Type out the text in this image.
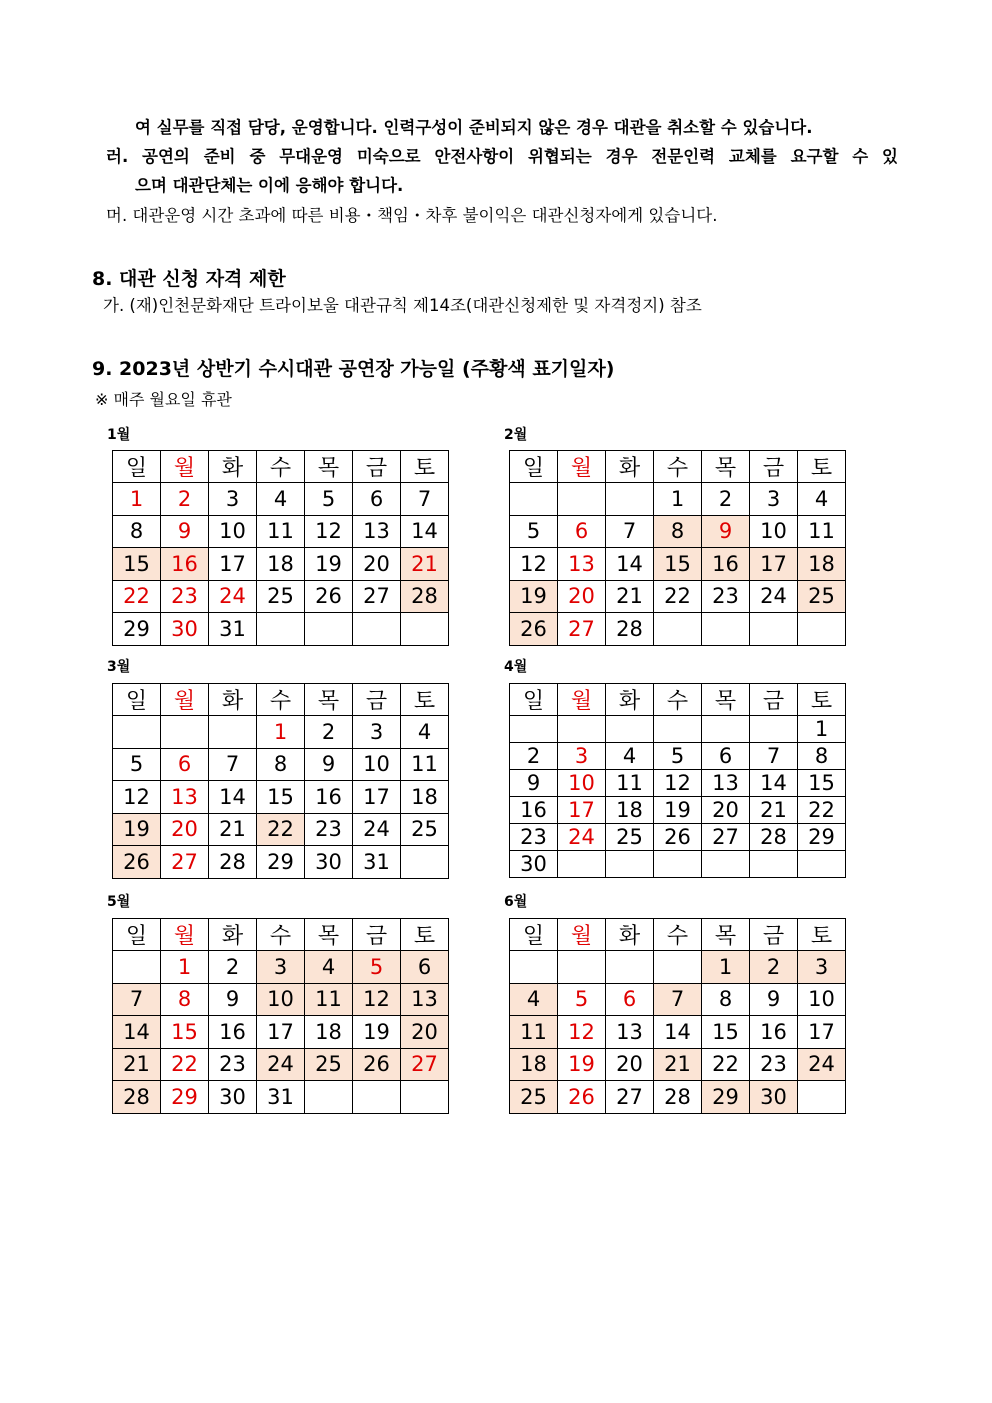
여 실무를 직접 담당, 운영합니다. 인력구성이 준비되지 않은 경우 대관을 취소할 수 있습니다.
러. 공연의 준비 중 무대운영 미숙으로 안전사항이 위협되는 경우 전문인력 교체를 요구할 수 있
으며 대관단체는 이에 응해야 합니다.
머. 대관운영 시간 초과에 따른 비용・책임・차후 불이익은 대관신청자에게 있습니다.
8. 대관 신청 자격 제한
가. (재)인천문화재단 트라이보울 대관규칙 제14조(대관신청제한 및 자격정지) 참조
9. 2023년 상반기 수시대관 공연장 가능일 (주황색 표기일자)
※ 매주 월요일 휴관
1월
일	월	화	수	목	금	토
1	2	3	4	5	6	7
8	9	10	11	12	13	14
15	16	17	18	19	20	21
22	23	24	25	26	27	28
29	30	31				
2월
일	월	화	수	목	금	토
			1	2	3	4
5	6	7	8	9	10	11
12	13	14	15	16	17	18
19	20	21	22	23	24	25
26	27	28				
3월
일	월	화	수	목	금	토
			1	2	3	4
5	6	7	8	9	10	11
12	13	14	15	16	17	18
19	20	21	22	23	24	25
26	27	28	29	30	31	
4월
일	월	화	수	목	금	토
						1
2	3	4	5	6	7	8
9	10	11	12	13	14	15
16	17	18	19	20	21	22
23	24	25	26	27	28	29
30						
5월
일	월	화	수	목	금	토
	1	2	3	4	5	6
7	8	9	10	11	12	13
14	15	16	17	18	19	20
21	22	23	24	25	26	27
28	29	30	31			
6월
일	월	화	수	목	금	토
				1	2	3
4	5	6	7	8	9	10
11	12	13	14	15	16	17
18	19	20	21	22	23	24
25	26	27	28	29	30	
